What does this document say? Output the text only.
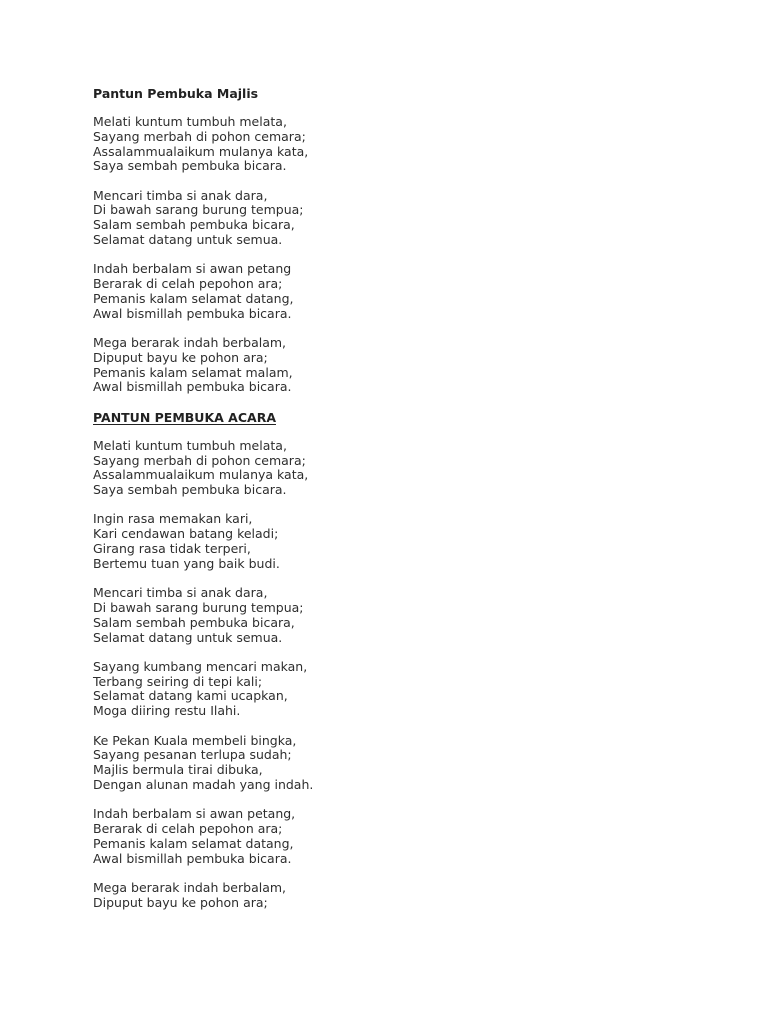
Pantun Pembuka Majlis
Melati kuntum tumbuh melata,
Sayang merbah di pohon cemara;
Assalammualaikum mulanya kata,
Saya sembah pembuka bicara.
Mencari timba si anak dara,
Di bawah sarang burung tempua;
Salam sembah pembuka bicara,
Selamat datang untuk semua.
Indah berbalam si awan petang
Berarak di celah pepohon ara;
Pemanis kalam selamat datang,
Awal bismillah pembuka bicara.
Mega berarak indah berbalam,
Dipuput bayu ke pohon ara;
Pemanis kalam selamat malam,
Awal bismillah pembuka bicara.
PANTUN PEMBUKA ACARA
Melati kuntum tumbuh melata,
Sayang merbah di pohon cemara;
Assalammualaikum mulanya kata,
Saya sembah pembuka bicara.
Ingin rasa memakan kari,
Kari cendawan batang keladi;
Girang rasa tidak terperi,
Bertemu tuan yang baik budi.
Mencari timba si anak dara,
Di bawah sarang burung tempua;
Salam sembah pembuka bicara,
Selamat datang untuk semua.
Sayang kumbang mencari makan,
Terbang seiring di tepi kali;
Selamat datang kami ucapkan,
Moga diiring restu Ilahi.
Ke Pekan Kuala membeli bingka,
Sayang pesanan terlupa sudah;
Majlis bermula tirai dibuka,
Dengan alunan madah yang indah.
Indah berbalam si awan petang,
Berarak di celah pepohon ara;
Pemanis kalam selamat datang,
Awal bismillah pembuka bicara.
Mega berarak indah berbalam,
Dipuput bayu ke pohon ara;
